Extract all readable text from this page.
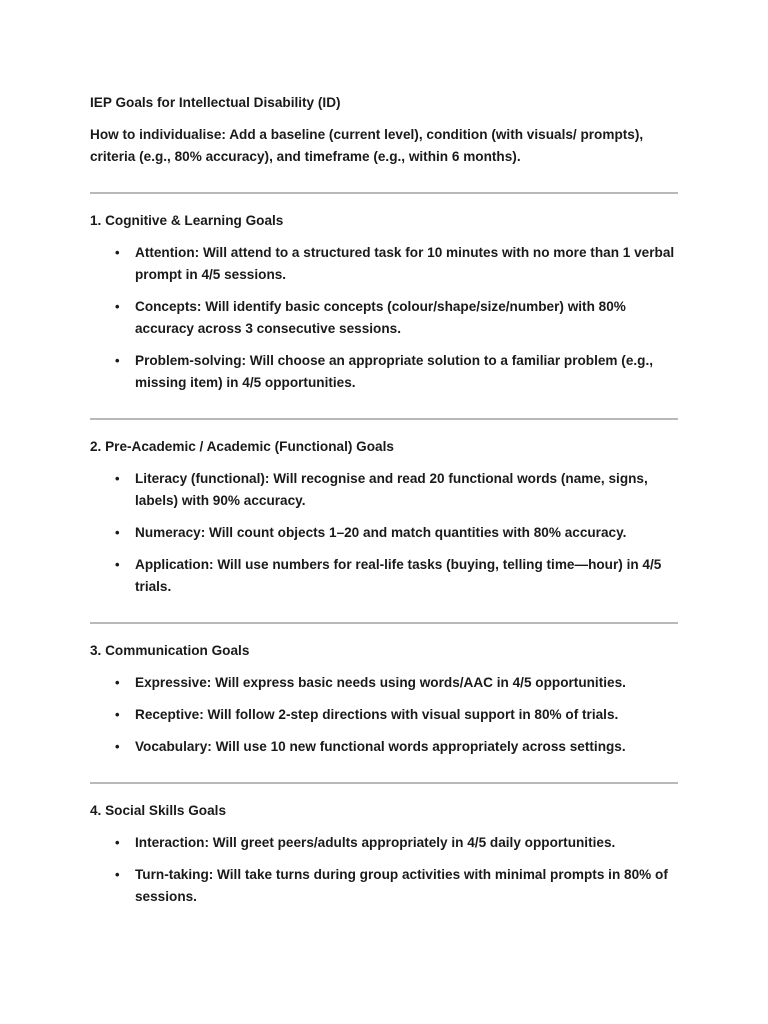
IEP Goals for Intellectual Disability (ID)

How to individualise: Add a baseline (current level), condition (with visuals/ prompts), criteria (e.g., 80% accuracy), and timeframe (e.g., within 6 months).

1. Cognitive & Learning Goals

• Attention: Will attend to a structured task for 10 minutes with no more than 1 verbal prompt in 4/5 sessions.
• Concepts: Will identify basic concepts (colour/shape/size/number) with 80% accuracy across 3 consecutive sessions.
• Problem-solving: Will choose an appropriate solution to a familiar problem (e.g., missing item) in 4/5 opportunities.

2. Pre-Academic / Academic (Functional) Goals

• Literacy (functional): Will recognise and read 20 functional words (name, signs, labels) with 90% accuracy.
• Numeracy: Will count objects 1–20 and match quantities with 80% accuracy.
• Application: Will use numbers for real-life tasks (buying, telling time—hour) in 4/5 trials.

3. Communication Goals

• Expressive: Will express basic needs using words/AAC in 4/5 opportunities.
• Receptive: Will follow 2-step directions with visual support in 80% of trials.
• Vocabulary: Will use 10 new functional words appropriately across settings.

4. Social Skills Goals

• Interaction: Will greet peers/adults appropriately in 4/5 daily opportunities.
• Turn-taking: Will take turns during group activities with minimal prompts in 80% of sessions.
